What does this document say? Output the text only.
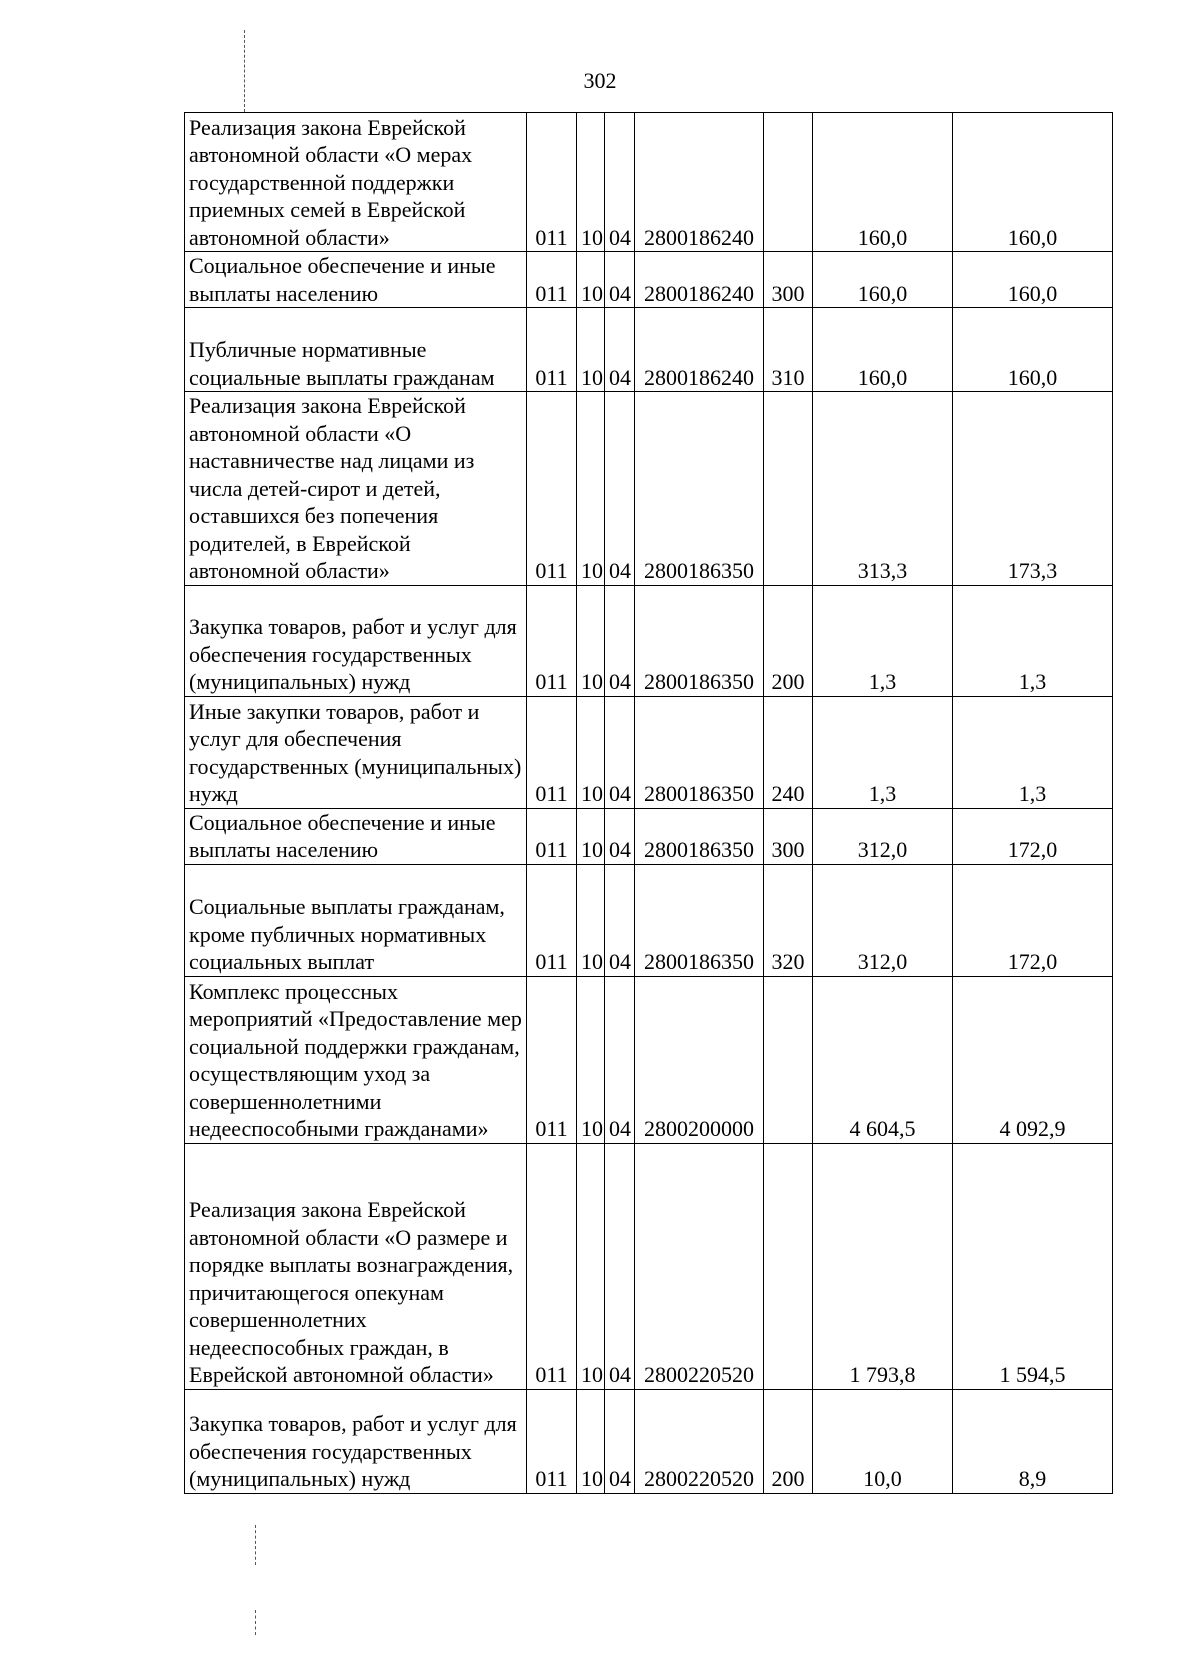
302
Реализация закона Еврейской автономной области «О мерах государственной поддержки приемных семей в Еврейской автономной области»	011	10	04	2800186240		160,0	160,0
Социальное обеспечение и иные выплаты населению	011	10	04	2800186240	300	160,0	160,0
Публичные нормативные социальные выплаты гражданам	011	10	04	2800186240	310	160,0	160,0
Реализация закона Еврейской автономной области «О наставничестве над лицами из числа детей-сирот и детей, оставшихся без попечения родителей, в Еврейской автономной области»	011	10	04	2800186350		313,3	173,3
Закупка товаров, работ и услуг для обеспечения государственных (муниципальных) нужд	011	10	04	2800186350	200	1,3	1,3
Иные закупки товаров, работ и услуг для обеспечения государственных (муниципальных) нужд	011	10	04	2800186350	240	1,3	1,3
Социальное обеспечение и иные выплаты населению	011	10	04	2800186350	300	312,0	172,0
Социальные выплаты гражданам, кроме публичных нормативных социальных выплат	011	10	04	2800186350	320	312,0	172,0
Комплекс процессных мероприятий «Предоставление мер социальной поддержки гражданам, осуществляющим уход за совершеннолетними недееспособными гражданами»	011	10	04	2800200000		4 604,5	4 092,9
Реализация закона Еврейской автономной области «О размере и порядке выплаты вознаграждения, причитающегося опекунам совершеннолетних недееспособных граждан, в Еврейской автономной области»	011	10	04	2800220520		1 793,8	1 594,5
Закупка товаров, работ и услуг для обеспечения государственных (муниципальных) нужд	011	10	04	2800220520	200	10,0	8,9
